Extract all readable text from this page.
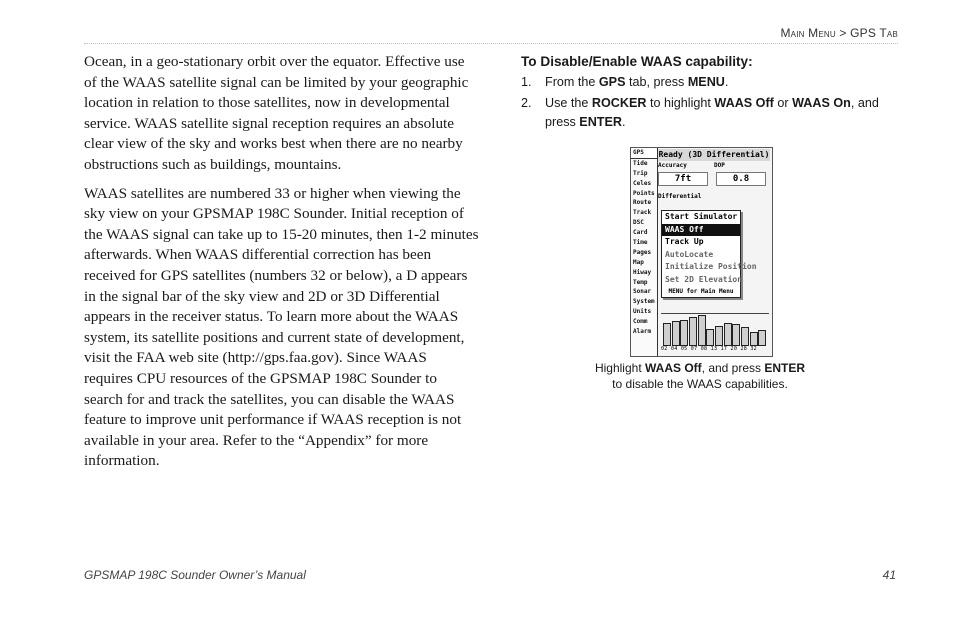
Main Menu > GPS Tab

Ocean, in a geo-stationary orbit over the equator. Effective use of the WAAS satellite signal can be limited by your geographic location in relation to those satellites, now in developmental service. WAAS satellite signal reception requires an absolute clear view of the sky and works best when there are no nearby obstructions such as buildings, mountains.

WAAS satellites are numbered 33 or higher when viewing the sky view on your GPSMAP 198C Sounder. Initial reception of the WAAS signal can take up to 15-20 minutes, then 1-2 minutes afterwards. When WAAS differential correction has been received for GPS satellites (numbers 32 or below), a D appears in the signal bar of the sky view and 2D or 3D Differential appears in the receiver status. To learn more about the WAAS system, its satellite positions and current state of development, visit the FAA web site (http://gps.faa.gov). Since WAAS requires CPU resources of the GPSMAP 198C Sounder to search for and track the satellites, you can disable the WAAS feature to improve unit performance if WAAS reception is not available in your area. Refer to the “Appendix” for more information.

To Disable/Enable WAAS capability:
1. From the GPS tab, press MENU.
2. Use the ROCKER to highlight WAAS Off or WAAS On, and press ENTER.
GPS
Tide
Trip
Celes
Points
Route
Track
DSC
Card
Time
Pages
Map
Hiway
Temp
Sonar
System
Units
Comm
Alarm
Ready (3D Differential)
Accuracy	DOP
7ft	0.8
Differential
Start Simulator
WAAS Off
Track Up
AutoLocate
Initialize Position
Set 2D Elevation
MENU for Main Menu
02 04 05 07 08 13 17 20 28 32
Highlight WAAS Off, and press ENTER
to disable the WAAS capabilities.
GPSMAP 198C Sounder Owner’s Manual	41
